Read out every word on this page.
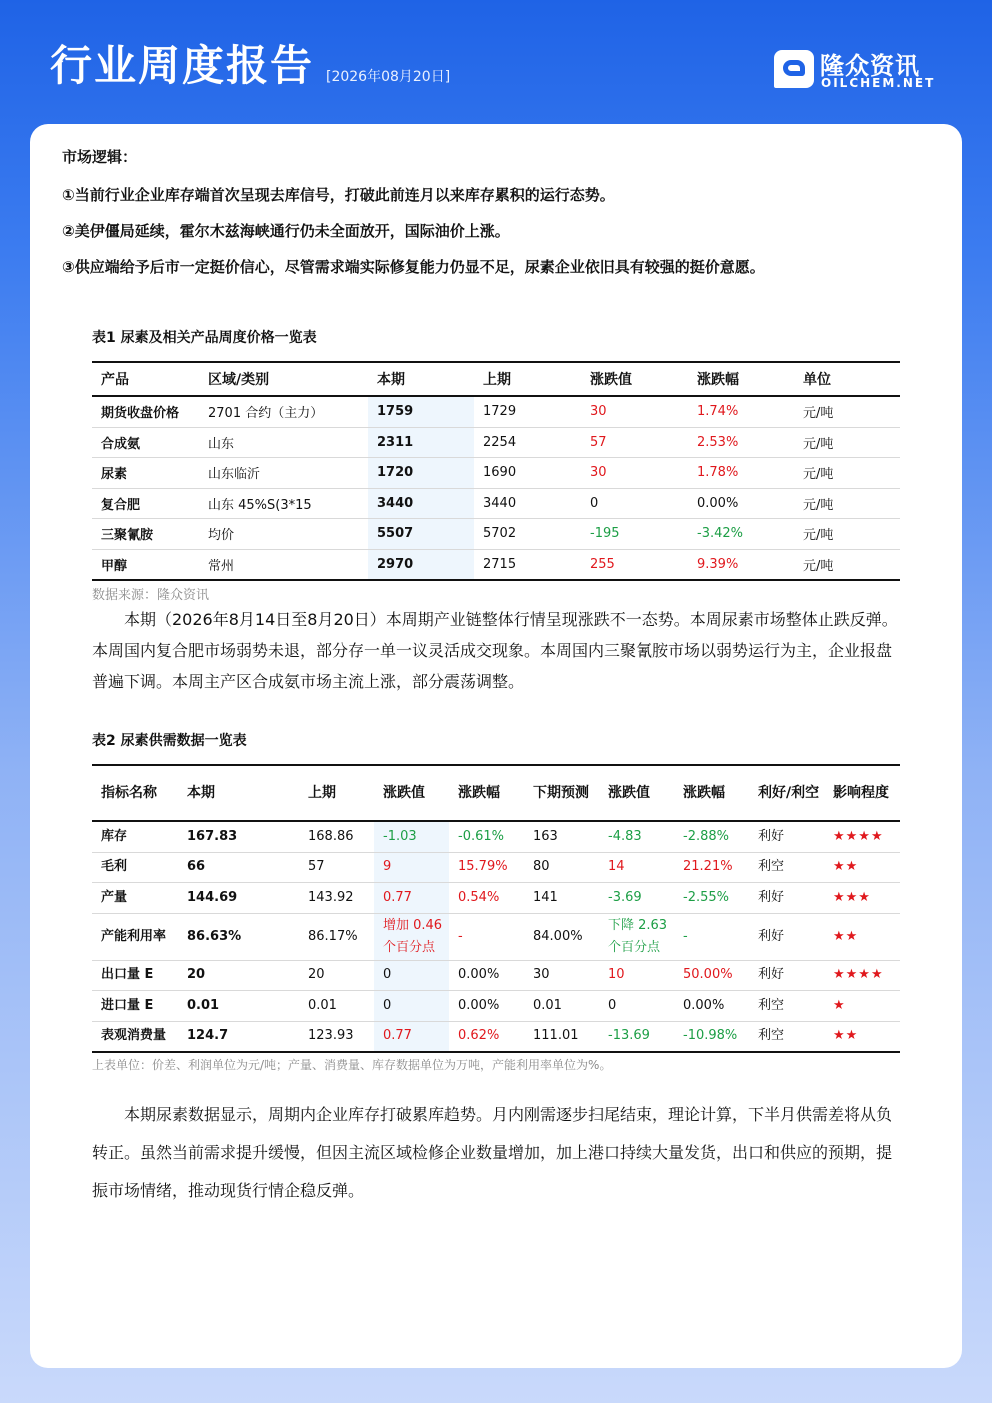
行业周度报告 [2026年08月20日]	隆众资讯
OILCHEM.NET

市场逻辑：

①当前行业企业库存端首次呈现去库信号，打破此前连月以来库存累积的运行态势。

②美伊僵局延续，霍尔木兹海峡通行仍未全面放开，国际油价上涨。

③供应端给予后市一定挺价信心，尽管需求端实际修复能力仍显不足，尿素企业依旧具有较强的挺价意愿。

表1 尿素及相关产品周度价格一览表

产品	区域/类别	本期	上期	涨跌值	涨跌幅	单位
期货收盘价格	2701 合约（主力）	1759	1729	30	1.74%	元/吨
合成氨	山东	2311	2254	57	2.53%	元/吨
尿素	山东临沂	1720	1690	30	1.78%	元/吨
复合肥	山东 45%S(3*15	3440	3440	0	0.00%	元/吨
三聚氰胺	均价	5507	5702	-195	-3.42%	元/吨
甲醇	常州	2970	2715	255	9.39%	元/吨
数据来源：隆众资讯

本期（2026年8月14日至8月20日）本周期产业链整体行情呈现涨跌不一态势。本周尿素市场整体止跌反弹。本周国内复合肥市场弱势未退，部分存一单一议灵活成交现象。本周国内三聚氰胺市场以弱势运行为主，企业报盘普遍下调。本周主产区合成氨市场主流上涨，部分震荡调整。

表2 尿素供需数据一览表

指标名称	本期	上期	涨跌值	涨跌幅	下期预测	涨跌值	涨跌幅	利好/利空	影响程度
库存	167.83	168.86	-1.03	-0.61%	163	-4.83	-2.88%	利好	★★★★
毛利	66	57	9	15.79%	80	14	21.21%	利空	★★
产量	144.69	143.92	0.77	0.54%	141	-3.69	-2.55%	利好	★★★
产能利用率	86.63%	86.17%	增加 0.46个百分点	-	84.00%	下降 2.63个百分点	-	利好	★★
出口量 E	20	20	0	0.00%	30	10	50.00%	利好	★★★★
进口量 E	0.01	0.01	0	0.00%	0.01	0	0.00%	利空	★
表观消费量	124.7	123.93	0.77	0.62%	111.01	-13.69	-10.98%	利空	★★
上表单位：价差、利润单位为元/吨；产量、消费量、库存数据单位为万吨，产能利用率单位为%。

本期尿素数据显示，周期内企业库存打破累库趋势。月内刚需逐步扫尾结束，理论计算，下半月供需差将从负转正。虽然当前需求提升缓慢，但因主流区域检修企业数量增加，加上港口持续大量发货，出口和供应的预期，提振市场情绪，推动现货行情企稳反弹。
